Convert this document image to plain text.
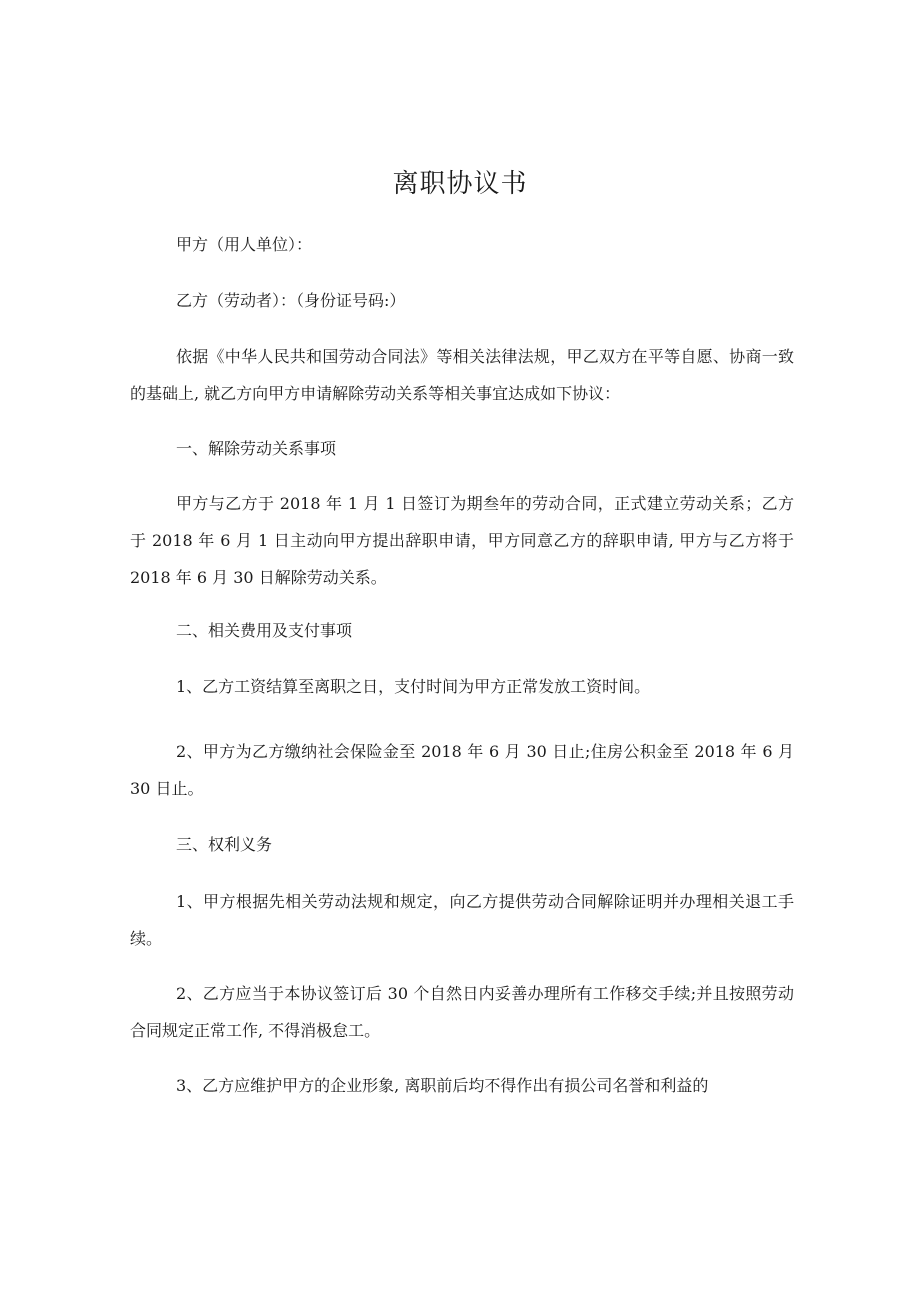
离职协议书

甲方（用人单位）：

乙方（劳动者）：（身份证号码:）

依据《中华人民共和国劳动合同法》等相关法律法规，甲乙双方在平等自愿、协商一致的基础上, 就乙方向甲方申请解除劳动关系等相关事宜达成如下协议：

一、解除劳动关系事项

甲方与乙方于 2018 年 1 月 1 日签订为期叁年的劳动合同，正式建立劳动关系；乙方于 2018 年 6 月 1 日主动向甲方提出辞职申请，甲方同意乙方的辞职申请, 甲方与乙方将于 2018 年 6 月 30 日解除劳动关系。

二、相关费用及支付事项

1、乙方工资结算至离职之日，支付时间为甲方正常发放工资时间。

2、甲方为乙方缴纳社会保险金至 2018 年 6 月 30 日止;住房公积金至 2018 年 6 月 30 日止。

三、权利义务

1、甲方根据先相关劳动法规和规定，向乙方提供劳动合同解除证明并办理相关退工手续。

2、乙方应当于本协议签订后 30 个自然日内妥善办理所有工作移交手续;并且按照劳动合同规定正常工作, 不得消极怠工。

3、乙方应维护甲方的企业形象, 离职前后均不得作出有损公司名誉和利益的
